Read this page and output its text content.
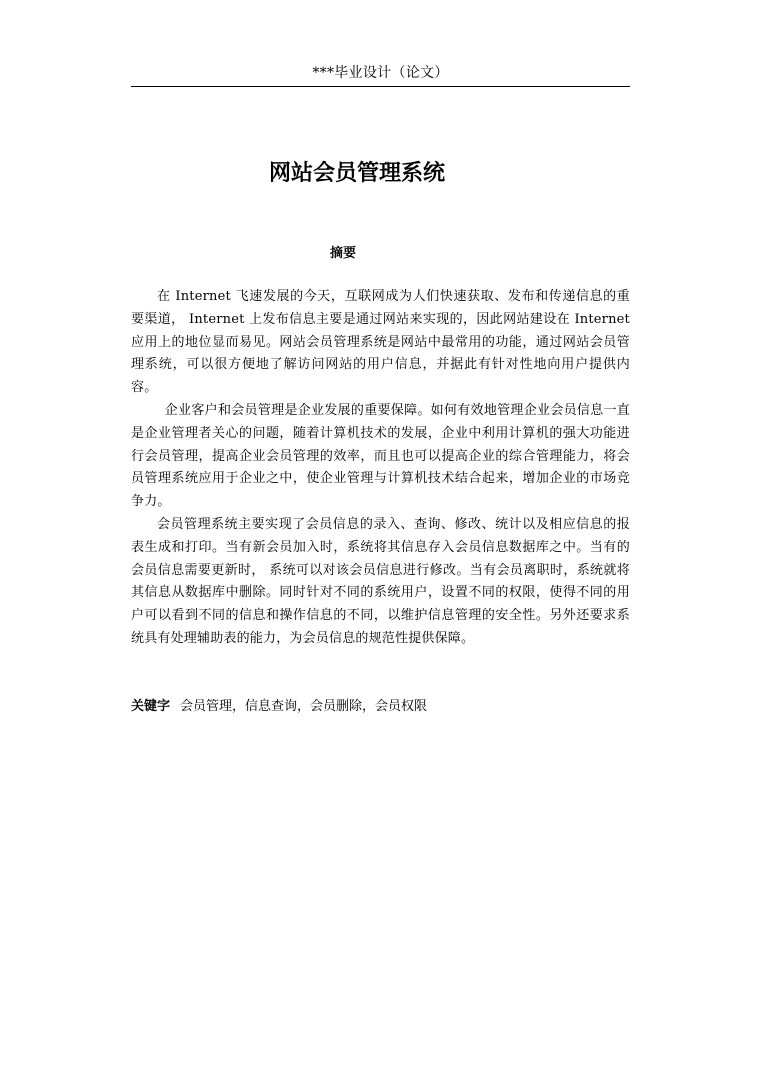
***毕业设计（论文）
网站会员管理系统
摘要

在 Internet 飞速发展的今天，互联网成为人们快速获取、发布和传递信息的重要渠道， Internet 上发布信息主要是通过网站来实现的，因此网站建设在 Internet 应用上的地位显而易见。网站会员管理系统是网站中最常用的功能，通过网站会员管理系统，可以很方便地了解访问网站的用户信息，并据此有针对性地向用户提供内容。

企业客户和会员管理是企业发展的重要保障。如何有效地管理企业会员信息一直是企业管理者关心的问题，随着计算机技术的发展，企业中利用计算机的强大功能进行会员管理，提高企业会员管理的效率，而且也可以提高企业的综合管理能力，将会员管理系统应用于企业之中，使企业管理与计算机技术结合起来，增加企业的市场竞争力。

会员管理系统主要实现了会员信息的录入、查询、修改、统计以及相应信息的报表生成和打印。当有新会员加入时，系统将其信息存入会员信息数据库之中。当有的会员信息需要更新时， 系统可以对该会员信息进行修改。当有会员离职时，系统就将其信息从数据库中删除。同时针对不同的系统用户，设置不同的权限，使得不同的用户可以看到不同的信息和操作信息的不同，以维护信息管理的安全性。另外还要求系统具有处理辅助表的能力，为会员信息的规范性提供保障。

关键字 会员管理，信息查询，会员删除，会员权限
